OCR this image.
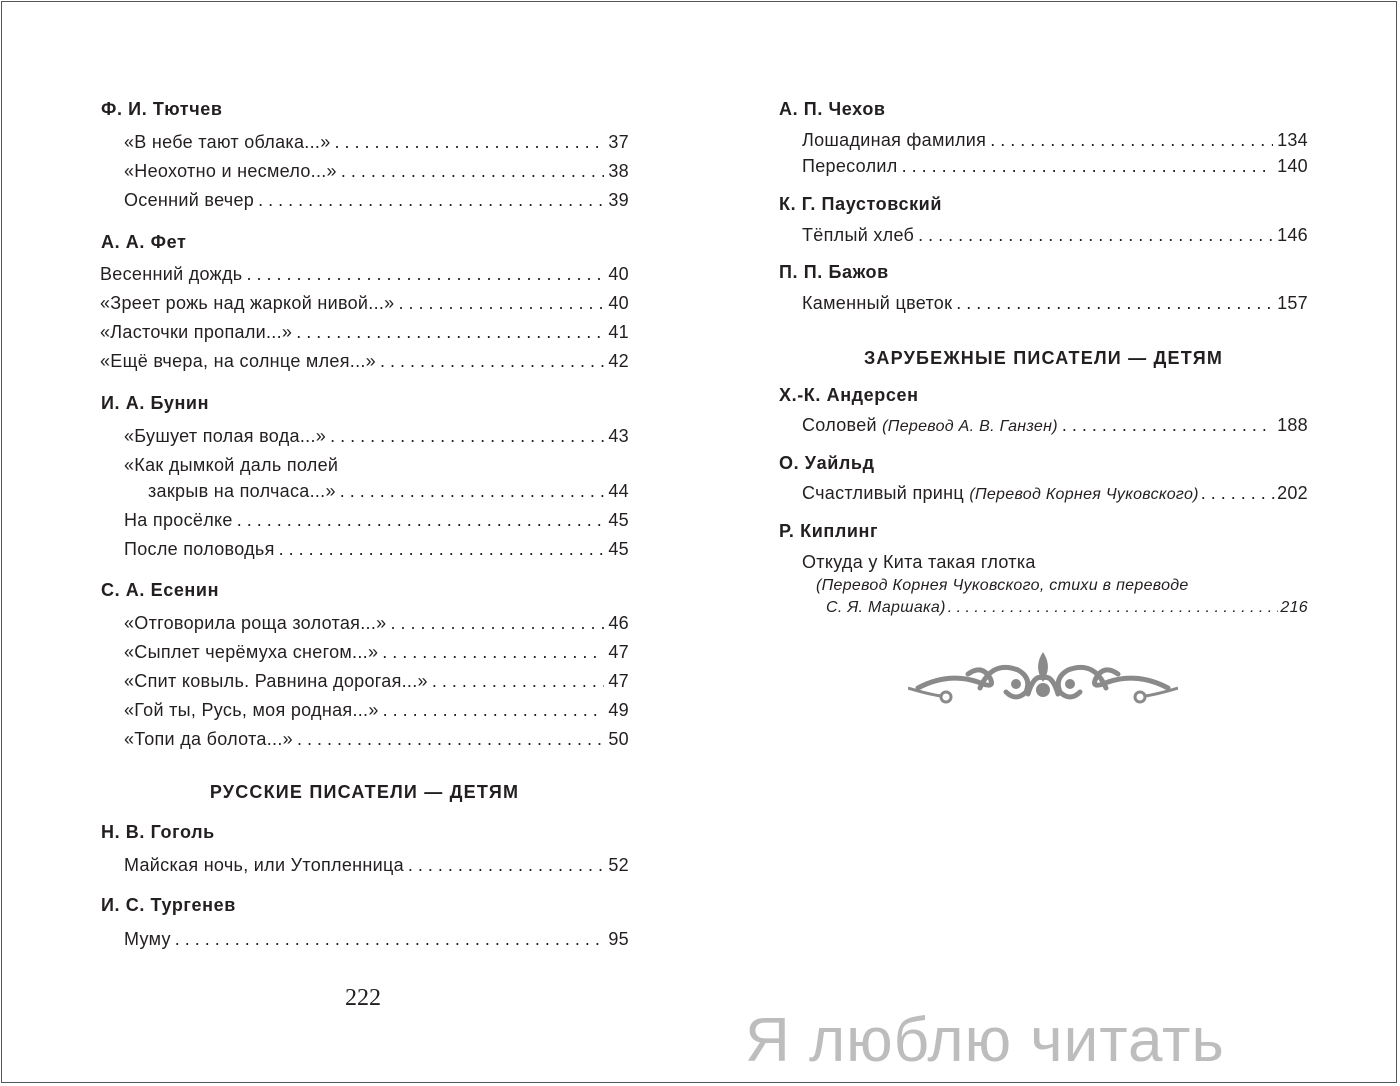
Ф. И. Тютчев
«В небе тают облака...» . . .	37
«Неохотно и несмело...» . . .	38
Осенний вечер . . .	39
А. А. Фет
Весенний дождь . . .	40
«Зреет рожь над жаркой нивой...» . . .	40
«Ласточки пропали...» . . .	41
«Ещё вчера, на солнце млея...» . . .	42
И. А. Бунин
«Бушует полая вода...» . . .	43
«Как дымкой даль полей
закрыв на полчаса...» . . .	44
На просёлке . . .	45
После половодья . . .	45
С. А. Есенин
«Отговорила роща золотая...» . . .	46
«Сыплет черёмуха снегом...» . . .	47
«Спит ковыль. Равнина дорогая...» . . .	47
«Гой ты, Русь, моя родная...» . . .	49
«Топи да болота...» . . .	50
РУССКИЕ ПИСАТЕЛИ — ДЕТЯМ
Н. В. Гоголь
Майская ночь, или Утопленница . . .	52
И. С. Тургенев
Муму . . .	95
222
А. П. Чехов
Лошадиная фамилия . . .	134
Пересолил . . .	140
К. Г. Паустовский
Тёплый хлеб . . .	146
П. П. Бажов
Каменный цветок . . .	157
ЗАРУБЕЖНЫЕ ПИСАТЕЛИ — ДЕТЯМ
Х.-К. Андерсен
Соловей (Перевод А. В. Ганзен) . . .	188
О. Уайльд
Счастливый принц (Перевод Корнея Чуковского) . . .	202
Р. Киплинг
Откуда у Кита такая глотка
(Перевод Корнея Чуковского, стихи в переводе
С. Я. Маршака) . . .	216
Я люблю читать
